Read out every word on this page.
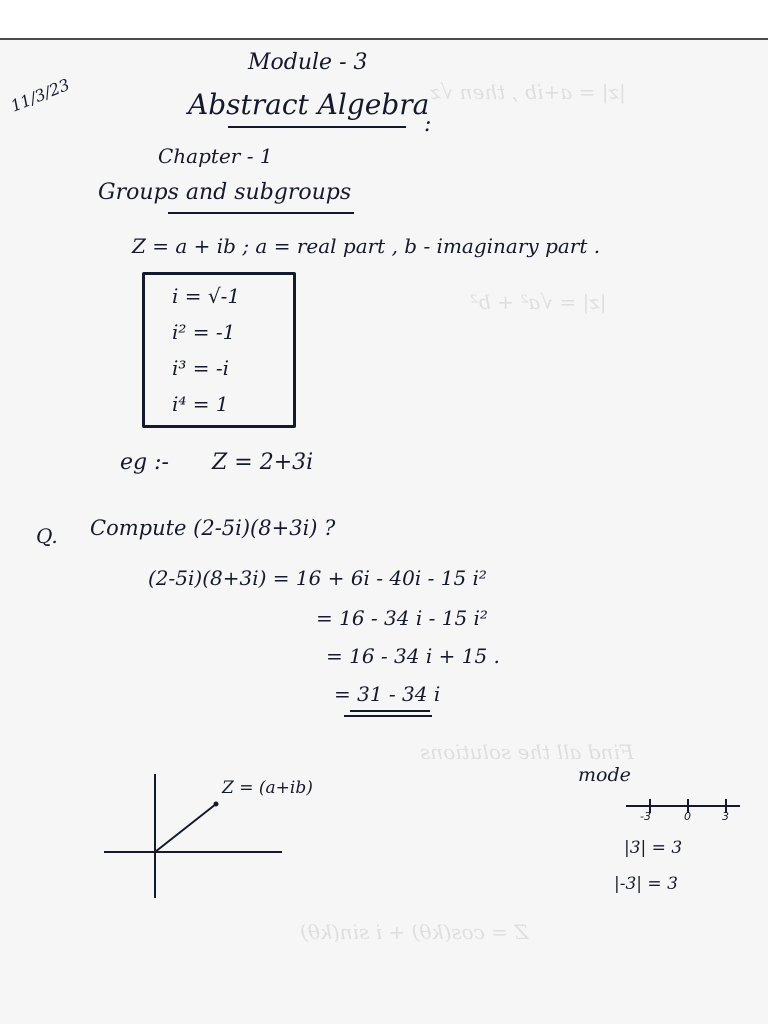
|z| = a+ib , then √z
|z| = √a² + b²
Find all the solutions
Z = cos(kθ) + i sin(kθ)
11/3/23
Module - 3
Abstract Algebra
:
Chapter - 1
Groups and subgroups
Z = a + ib ; a = real part , b - imaginary part .
i = √-1
i² = -1
i³ = -i
i⁴ = 1
eg :- Z = 2+3i
Q. Compute (2-5i)(8+3i) ?
(2-5i)(8+3i) = 16 + 6i - 40i - 15 i²
= 16 - 34 i - 15 i²
= 16 - 34 i + 15 .
= 31 - 34 i
Z = (a+ib)
mode
-3	0	3
|3| = 3
|-3| = 3
